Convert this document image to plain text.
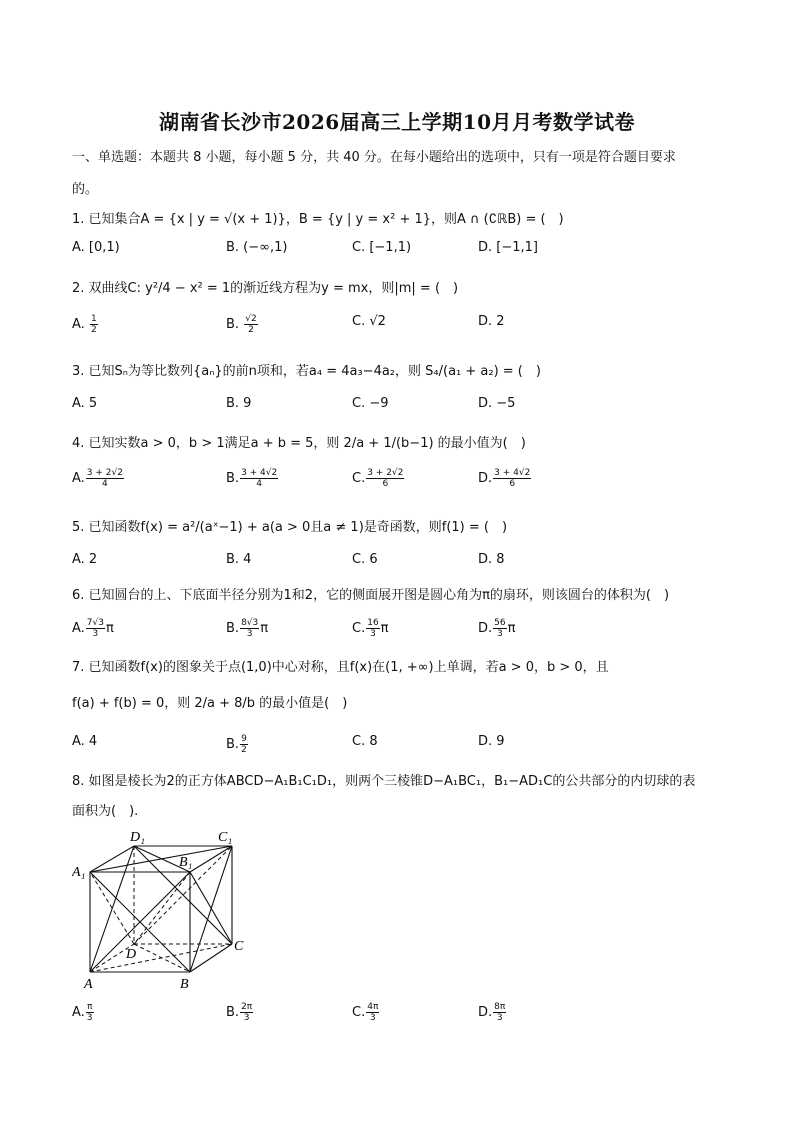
湖南省长沙市2026届高三上学期10月月考数学试卷
一、单选题：本题共 8 小题，每小题 5 分，共 40 分。在每小题给出的选项中，只有一项是符合题目要求
的。
1. 已知集合A = {x | y = √(x + 1)}，B = {y | y = x² + 1}，则A ∩ (∁ℝB) = (　)
A. [0,1)	B. (−∞,1)	C. [−1,1)	D. [−1,1]
2. 双曲线C: y²/4 − x² = 1的渐近线方程为y = mx，则|m| = (　)
A. $\frac{1}{2}$	B. $\frac{√2}{2}$	C. √2	D. 2
3. 已知Sₙ为等比数列{aₙ}的前n项和，若a₄ = 4a₃−4a₂，则 S₄/(a₁ + a₂) = (　)
A. 5	B. 9	C. −9	D. −5
4. 已知实数a > 0，b > 1满足a + b = 5，则 2/a + 1/(b−1) 的最小值为(　)
A. $\frac{3 + 2√2}{4}$	B. $\frac{3 + 4√2}{4}$	C. $\frac{3 + 2√2}{6}$	D. $\frac{3 + 4√2}{6}$
5. 已知函数f(x) = a²/(aˣ−1) + a(a > 0且a ≠ 1)是奇函数，则f(1) = (　)
A. 2	B. 4	C. 6	D. 8
6. 已知圆台的上、下底面半径分别为1和2，它的侧面展开图是圆心角为π的扇环，则该圆台的体积为(　)
A. $\frac{7√3}{3}$ π	B. $\frac{8√3}{3}$ π	C. $\frac{16}{3}$ π	D. $\frac{56}{3}$ π
7. 已知函数f(x)的图象关于点(1,0)中心对称，且f(x)在(1, +∞)上单调，若a > 0，b > 0，且
f(a) + f(b) = 0，则 2/a + 8/b 的最小值是(　)
A. 4	B. $\frac{9}{2}$	C. 8	D. 9
8. 如图是棱长为2的正方体ABCD−A₁B₁C₁D₁，则两个三棱锥D−A₁BC₁，B₁−AD₁C的公共部分的内切球的表
面积为(　).
D₁	C₁
A₁
B₁
D
C
A	B
A. $\frac{\pi}{3}$	B. $\frac{2\pi}{3}$	C. $\frac{4\pi}{3}$	D. $\frac{8\pi}{3}$
